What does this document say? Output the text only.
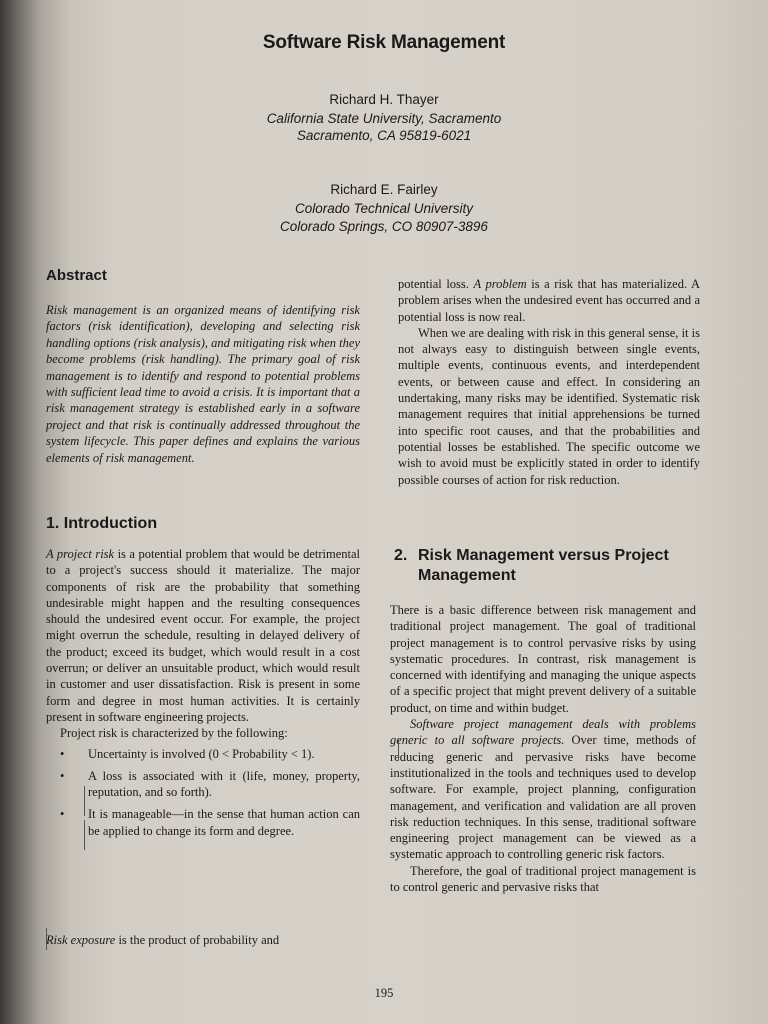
Software Risk Management
Richard H. Thayer
California State University, Sacramento
Sacramento, CA 95819-6021
Richard E. Fairley
Colorado Technical University
Colorado Springs, CO 80907-3896
Abstract
Risk management is an organized means of identifying risk factors (risk identification), developing and selecting risk handling options (risk analysis), and mitigating risk when they become problems (risk handling). The primary goal of risk management is to identify and respond to potential problems with sufficient lead time to avoid a crisis. It is important that a risk management strategy is established early in a software project and that risk is continually addressed throughout the system lifecycle. This paper defines and explains the various elements of risk management.
1. Introduction

A project risk is a potential problem that would be detrimental to a project's success should it materialize. The major components of risk are the probability that something undesirable might happen and the resulting consequences should the undesired event occur. For example, the project might overrun the schedule, resulting in delayed delivery of the product; exceed its budget, which would result in a cost overrun; or deliver an unsuitable product, which would result in customer and user dissatisfaction. Risk is present in some form and degree in most human activities. It is certainly present in software engineering projects.

Project risk is characterized by the following:

• Uncertainty is involved (0 < Probability < 1).
• A loss is associated with it (life, money, property, reputation, and so forth).
• It is manageable—in the sense that human action can be applied to change its form and degree.
Risk exposure is the product of probability and

potential loss. A problem is a risk that has materialized. A problem arises when the undesired event has occurred and a potential loss is now real.

When we are dealing with risk in this general sense, it is not always easy to distinguish between single events, multiple events, continuous events, and interdependent events, or between cause and effect. In considering an undertaking, many risks may be identified. Systematic risk management requires that initial apprehensions be turned into specific root causes, and that the probabilities and potential losses be established. The specific outcome we wish to avoid must be explicitly stated in order to identify possible courses of action for risk reduction.

2. Risk Management versus Project
Management

There is a basic difference between risk management and traditional project management. The goal of traditional project management is to control pervasive risks by using systematic procedures. In contrast, risk management is concerned with identifying and managing the unique aspects of a specific project that might prevent delivery of a suitable product, on time and within budget.

Software project management deals with problems generic to all software projects. Over time, methods of reducing generic and pervasive risks have become institutionalized in the tools and techniques used to develop software. For example, project planning, configuration management, and verification and validation are all proven risk reduction techniques. In this sense, traditional software engineering project management can be viewed as a systematic approach to controlling generic risk factors.

Therefore, the goal of traditional project management is to control generic and pervasive risks that

195
